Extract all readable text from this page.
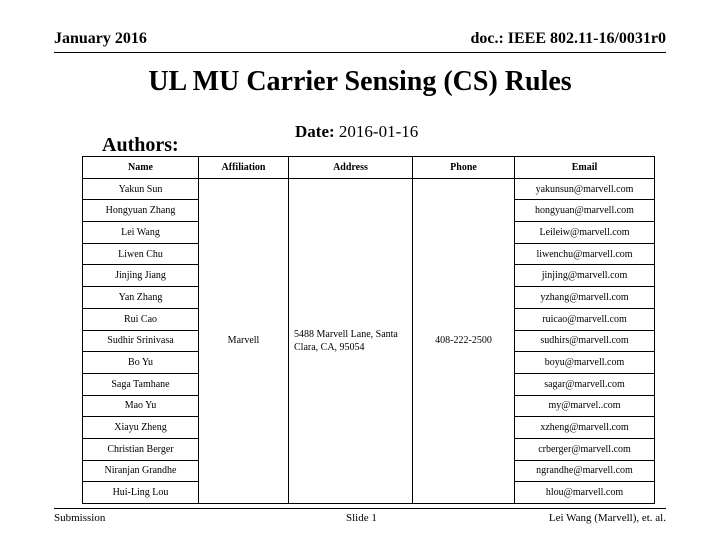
January 2016	doc.: IEEE 802.11-16/0031r0
UL MU Carrier Sensing (CS) Rules
Date: 2016-01-16
Authors:
Name	Affiliation	Address	Phone	Email
Yakun Sun	Marvell	5488 Marvell Lane, Santa Clara, CA, 95054	408-222-2500	yakunsun@marvell.com
Hongyuan Zhang				hongyuan@marvell.com
Lei Wang				Leileiw@marvell.com
Liwen Chu				liwenchu@marvell.com
Jinjing Jiang				jinjing@marvell.com
Yan Zhang				yzhang@marvell.com
Rui Cao				ruicao@marvell.com
Sudhir Srinivasa				sudhirs@marvell.com
Bo Yu				boyu@marvell.com
Saga Tamhane				sagar@marvell.com
Mao Yu				my@marvel..com
Xiayu Zheng				xzheng@marvell.com
Christian Berger				crberger@marvell.com
Niranjan Grandhe				ngrandhe@marvell.com
Hui-Ling Lou				hlou@marvell.com
Submission	Slide 1	Lei Wang (Marvell), et. al.
